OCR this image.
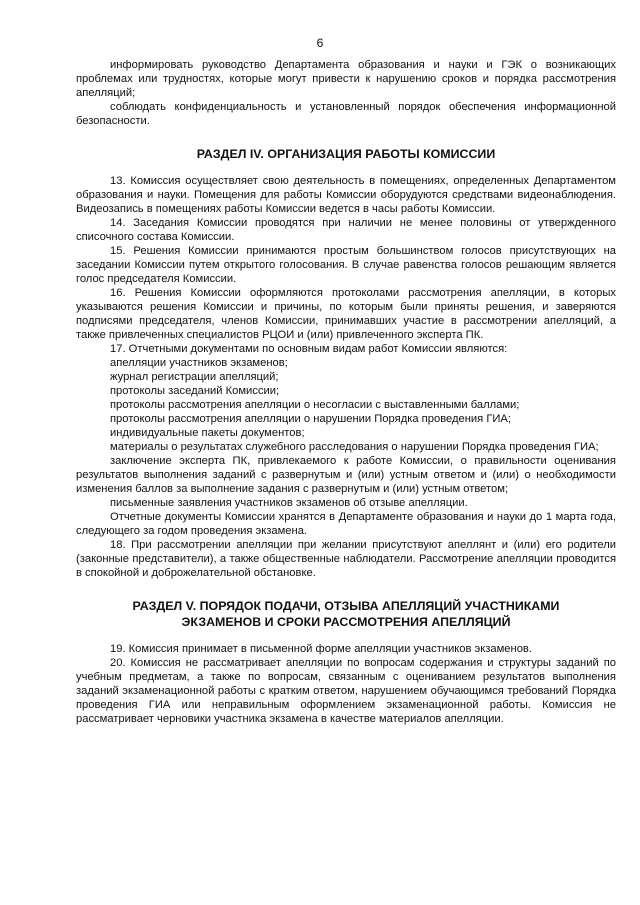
6

информировать руководство Департамента образования и науки и ГЭК о возникающих проблемах или трудностях, которые могут привести к нарушению сроков и порядка рассмотрения апелляций;

соблюдать конфиденциальность и установленный порядок обеспечения информационной безопасности.

РАЗДЕЛ IV. ОРГАНИЗАЦИЯ РАБОТЫ КОМИССИИ

13. Комиссия осуществляет свою деятельность в помещениях, определенных Департаментом образования и науки. Помещения для работы Комиссии оборудуются средствами видеонаблюдения. Видеозапись в помещениях работы Комиссии ведется в часы работы Комиссии.

14. Заседания Комиссии проводятся при наличии не менее половины от утвержденного списочного состава Комиссии.

15. Решения Комиссии принимаются простым большинством голосов присутствующих на заседании Комиссии путем открытого голосования. В случае равенства голосов решающим является голос председателя Комиссии.

16. Решения Комиссии оформляются протоколами рассмотрения апелляции, в которых указываются решения Комиссии и причины, по которым были приняты решения, и заверяются подписями председателя, членов Комиссии, принимавших участие в рассмотрении апелляций, а также привлеченных специалистов РЦОИ и (или) привлеченного эксперта ПК.

17. Отчетными документами по основным видам работ Комиссии являются:

апелляции участников экзаменов;

журнал регистрации апелляций;

протоколы заседаний Комиссии;

протоколы рассмотрения апелляции о несогласии с выставленными баллами;

протоколы рассмотрения апелляции о нарушении Порядка проведения ГИА;

индивидуальные пакеты документов;

материалы о результатах служебного расследования о нарушении Порядка проведения ГИА;

заключение эксперта ПК, привлекаемого к работе Комиссии, о правильности оценивания результатов выполнения заданий с развернутым и (или) устным ответом и (или) о необходимости изменения баллов за выполнение задания с развернутым и (или) устным ответом;

письменные заявления участников экзаменов об отзыве апелляции.

Отчетные документы Комиссии хранятся в Департаменте образования и науки до 1 марта года, следующего за годом проведения экзамена.

18. При рассмотрении апелляции при желании присутствуют апеллянт и (или) его родители (законные представители), а также общественные наблюдатели. Рассмотрение апелляции проводится в спокойной и доброжелательной обстановке.

РАЗДЕЛ V. ПОРЯДОК ПОДАЧИ, ОТЗЫВА АПЕЛЛЯЦИЙ УЧАСТНИКАМИ
ЭКЗАМЕНОВ И СРОКИ РАССМОТРЕНИЯ АПЕЛЛЯЦИЙ

19. Комиссия принимает в письменной форме апелляции участников экзаменов.

20. Комиссия не рассматривает апелляции по вопросам содержания и структуры заданий по учебным предметам, а также по вопросам, связанным с оцениванием результатов выполнения заданий экзаменационной работы с кратким ответом, нарушением обучающимся требований Порядка проведения ГИА или неправильным оформлением экзаменационной работы. Комиссия не рассматривает черновики участника экзамена в качестве материалов апелляции.
